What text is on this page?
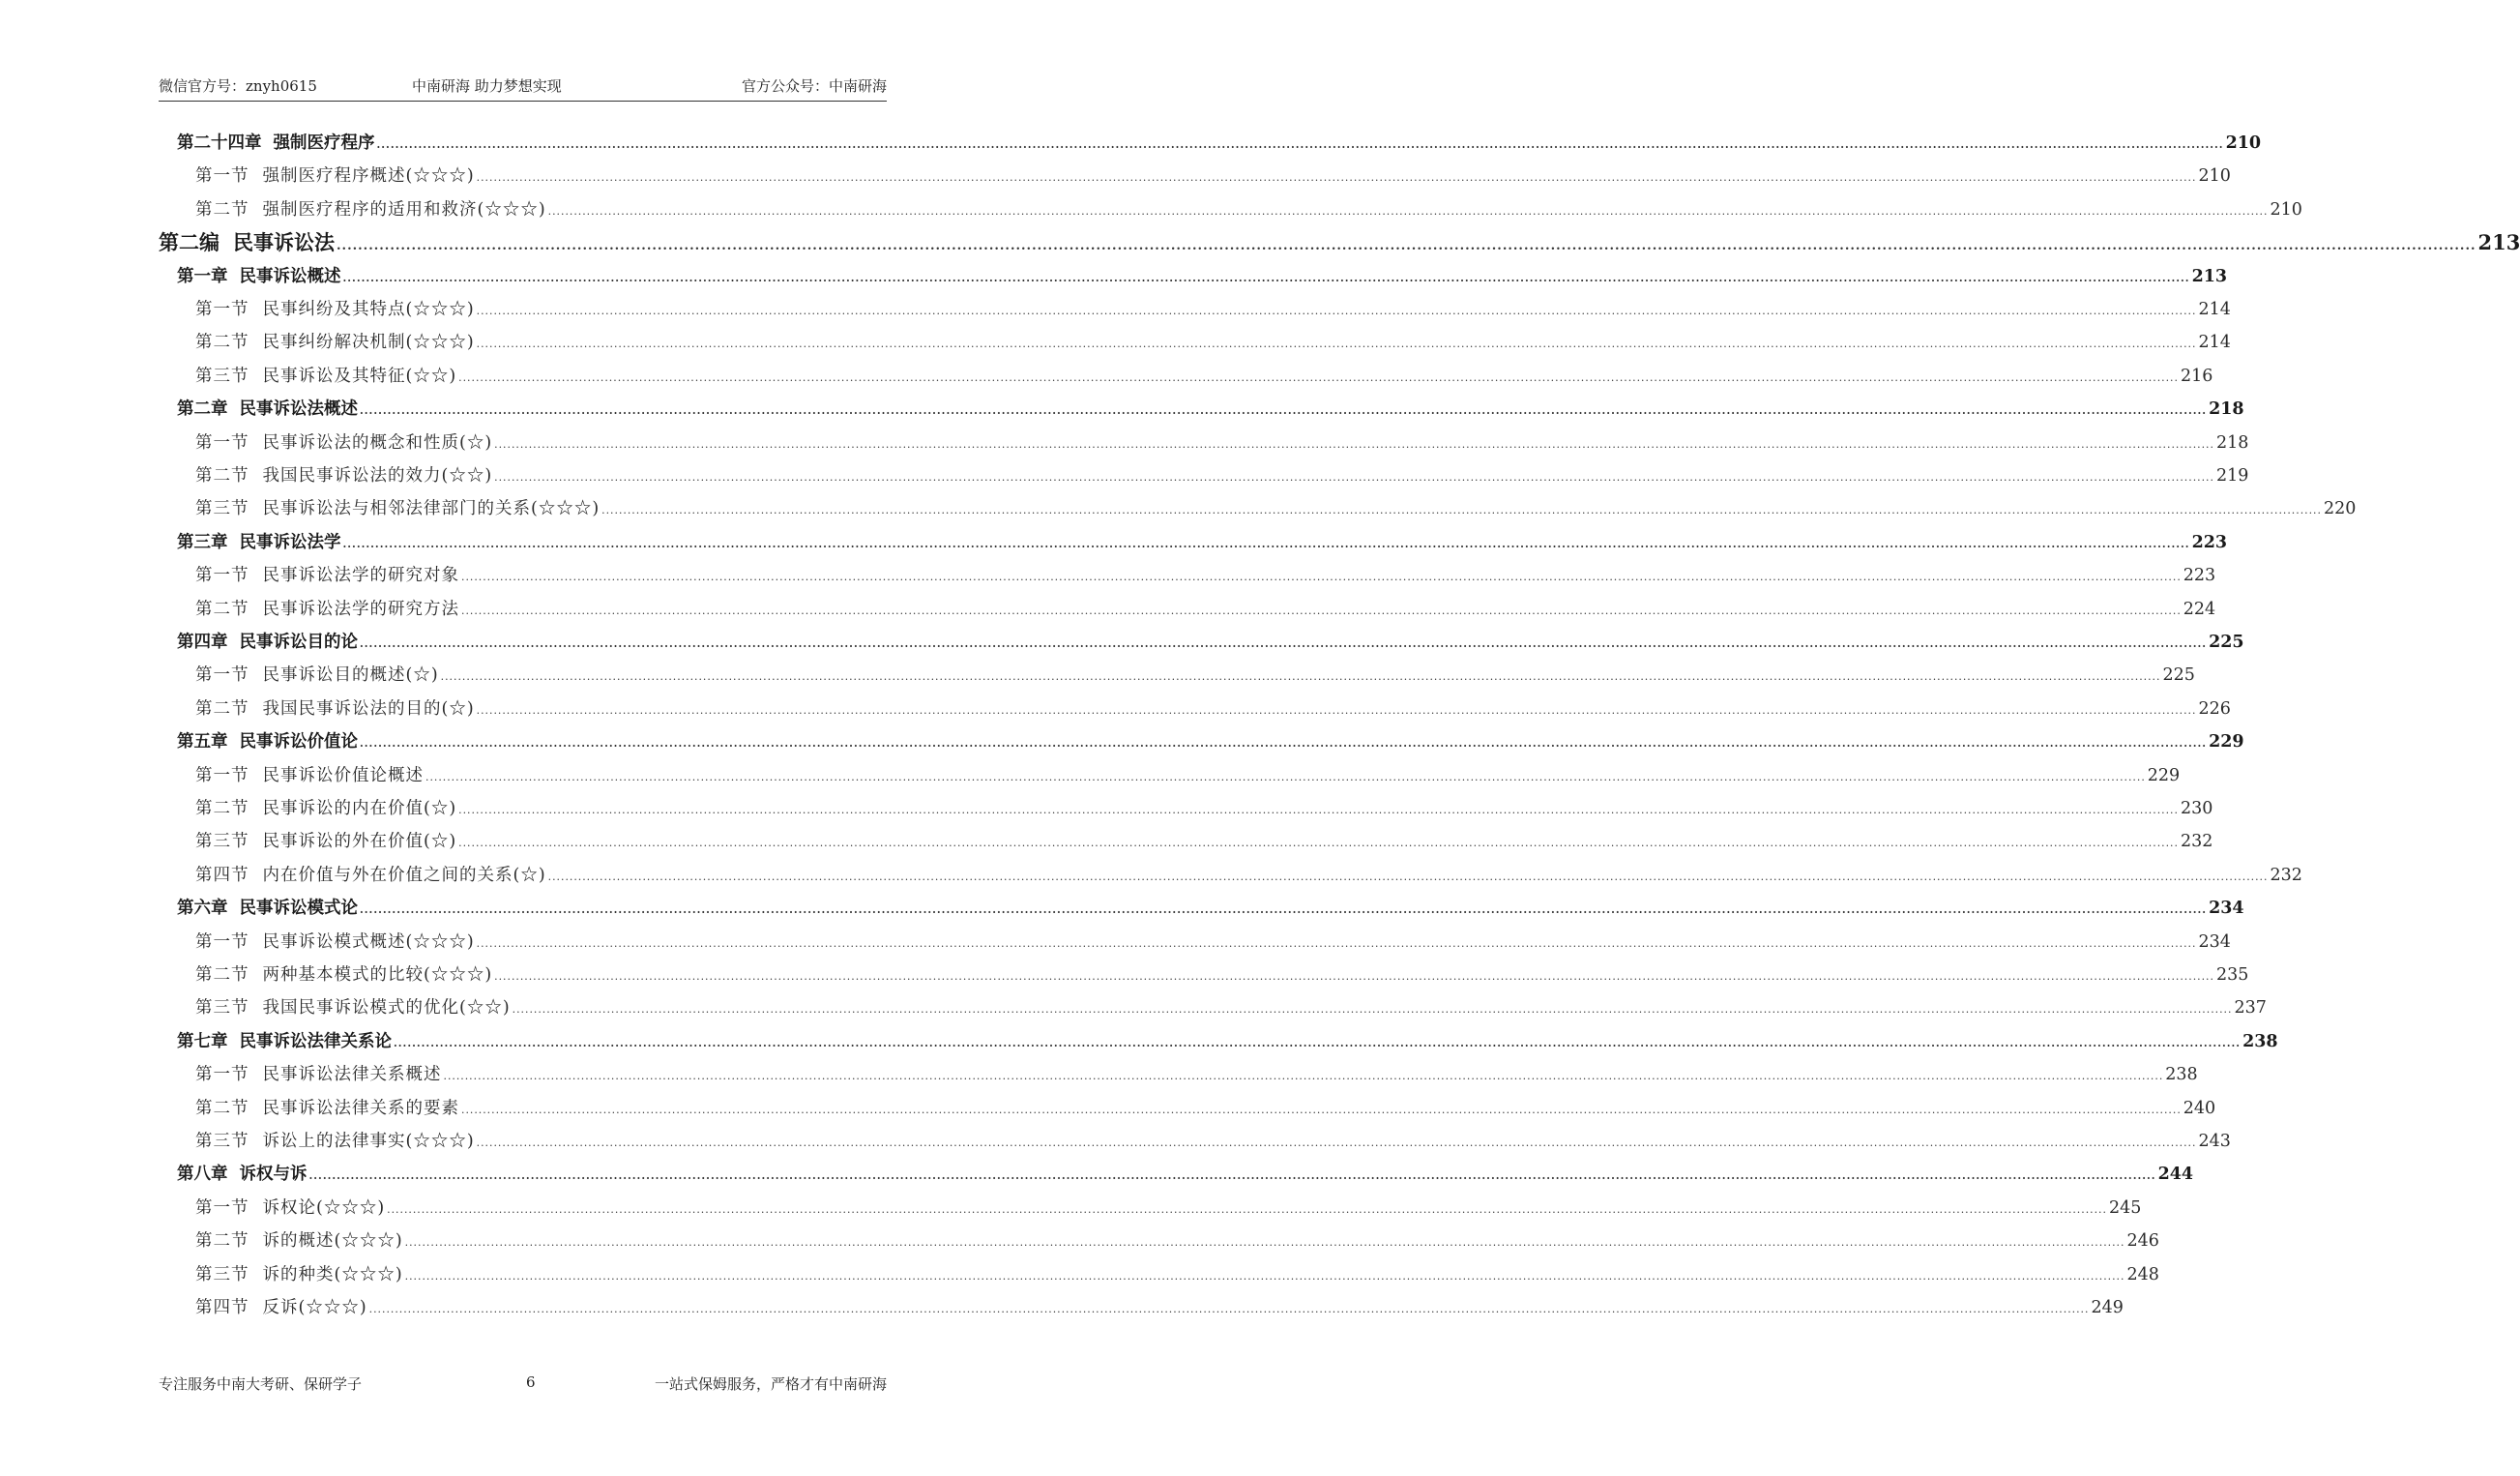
微信官方号：znyh0615	中南研海 助力梦想实现	官方公众号：中南研海
第二十四章 强制医疗程序 ................................................................................................................................................................................................................................................................................................................................................................................................................ 210
第一节 强制医疗程序概述(☆☆☆) ................................................................................................................................................................................................................................................................................................................................................................................................................ 210
第二节 强制医疗程序的适用和救济(☆☆☆) ................................................................................................................................................................................................................................................................................................................................................................................................................ 210
第二编 民事诉讼法 ................................................................................................................................................................................................................................................................................................................................................................................................................ 213
第一章 民事诉讼概述 ................................................................................................................................................................................................................................................................................................................................................................................................................ 213
第一节 民事纠纷及其特点(☆☆☆) ................................................................................................................................................................................................................................................................................................................................................................................................................ 214
第二节 民事纠纷解决机制(☆☆☆) ................................................................................................................................................................................................................................................................................................................................................................................................................ 214
第三节 民事诉讼及其特征(☆☆) ................................................................................................................................................................................................................................................................................................................................................................................................................ 216
第二章 民事诉讼法概述 ................................................................................................................................................................................................................................................................................................................................................................................................................ 218
第一节 民事诉讼法的概念和性质(☆) ................................................................................................................................................................................................................................................................................................................................................................................................................ 218
第二节 我国民事诉讼法的效力(☆☆) ................................................................................................................................................................................................................................................................................................................................................................................................................ 219
第三节 民事诉讼法与相邻法律部门的关系(☆☆☆) ................................................................................................................................................................................................................................................................................................................................................................................................................ 220
第三章 民事诉讼法学 ................................................................................................................................................................................................................................................................................................................................................................................................................ 223
第一节 民事诉讼法学的研究对象 ................................................................................................................................................................................................................................................................................................................................................................................................................ 223
第二节 民事诉讼法学的研究方法 ................................................................................................................................................................................................................................................................................................................................................................................................................ 224
第四章 民事诉讼目的论 ................................................................................................................................................................................................................................................................................................................................................................................................................ 225
第一节 民事诉讼目的概述(☆) ................................................................................................................................................................................................................................................................................................................................................................................................................ 225
第二节 我国民事诉讼法的目的(☆) ................................................................................................................................................................................................................................................................................................................................................................................................................ 226
第五章 民事诉讼价值论 ................................................................................................................................................................................................................................................................................................................................................................................................................ 229
第一节 民事诉讼价值论概述 ................................................................................................................................................................................................................................................................................................................................................................................................................ 229
第二节 民事诉讼的内在价值(☆) ................................................................................................................................................................................................................................................................................................................................................................................................................ 230
第三节 民事诉讼的外在价值(☆) ................................................................................................................................................................................................................................................................................................................................................................................................................ 232
第四节 内在价值与外在价值之间的关系(☆) ................................................................................................................................................................................................................................................................................................................................................................................................................ 232
第六章 民事诉讼模式论 ................................................................................................................................................................................................................................................................................................................................................................................................................ 234
第一节 民事诉讼模式概述(☆☆☆) ................................................................................................................................................................................................................................................................................................................................................................................................................ 234
第二节 两种基本模式的比较(☆☆☆) ................................................................................................................................................................................................................................................................................................................................................................................................................ 235
第三节 我国民事诉讼模式的优化(☆☆) ................................................................................................................................................................................................................................................................................................................................................................................................................ 237
第七章 民事诉讼法律关系论 ................................................................................................................................................................................................................................................................................................................................................................................................................ 238
第一节 民事诉讼法律关系概述 ................................................................................................................................................................................................................................................................................................................................................................................................................ 238
第二节 民事诉讼法律关系的要素 ................................................................................................................................................................................................................................................................................................................................................................................................................ 240
第三节 诉讼上的法律事实(☆☆☆) ................................................................................................................................................................................................................................................................................................................................................................................................................ 243
第八章 诉权与诉 ................................................................................................................................................................................................................................................................................................................................................................................................................ 244
第一节 诉权论(☆☆☆) ................................................................................................................................................................................................................................................................................................................................................................................................................ 245
第二节 诉的概述(☆☆☆) ................................................................................................................................................................................................................................................................................................................................................................................................................ 246
第三节 诉的种类(☆☆☆) ................................................................................................................................................................................................................................................................................................................................................................................................................ 248
第四节 反诉(☆☆☆) ................................................................................................................................................................................................................................................................................................................................................................................................................ 249
专注服务中南大考研、保研学子	6	一站式保姆服务，严格才有中南研海
